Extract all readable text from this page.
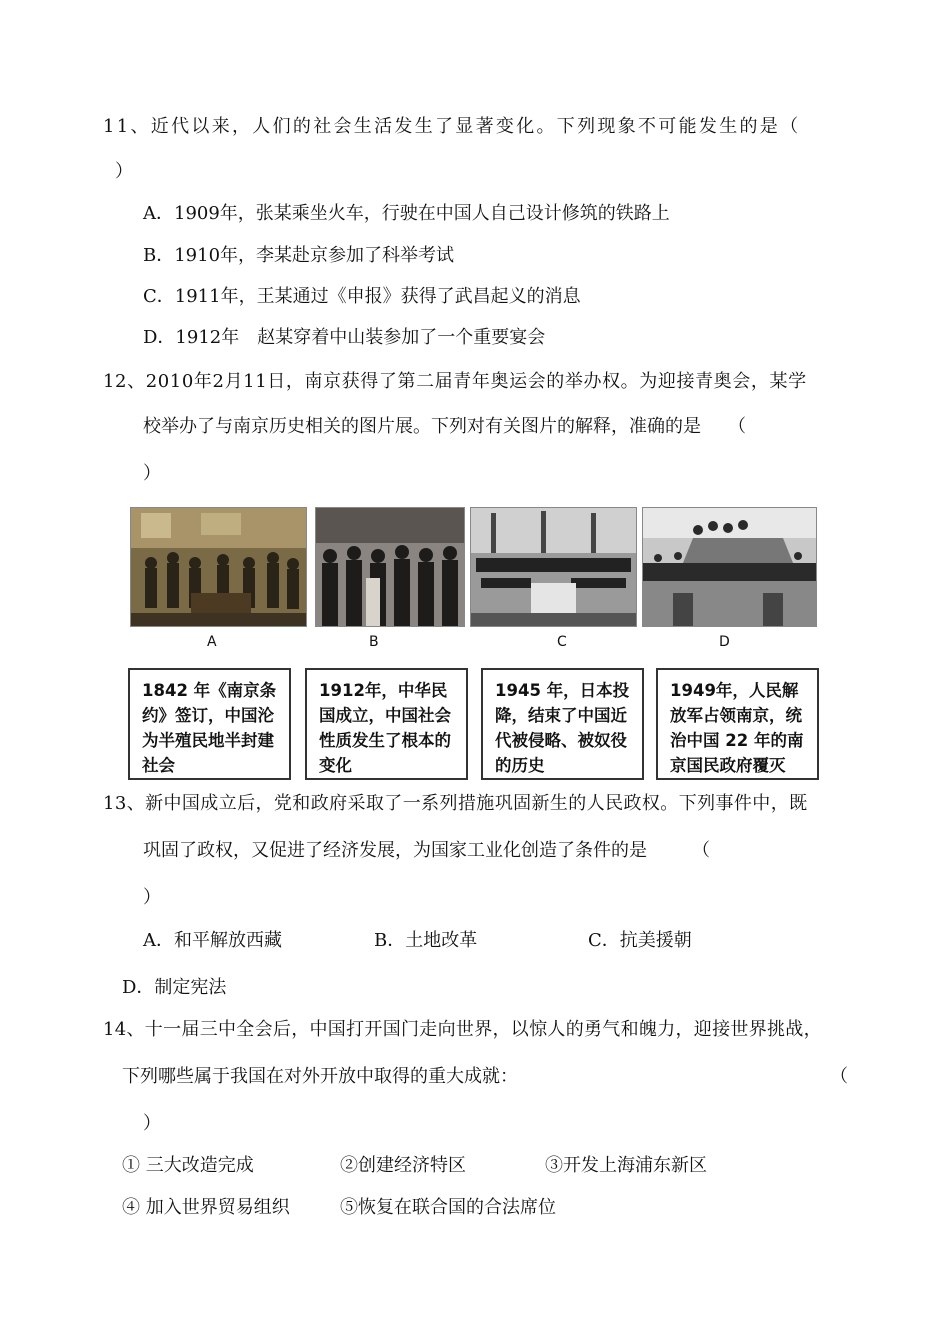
11、近代以来，人们的社会生活发生了显著变化。下列现象不可能发生的是（
）
A．1909年，张某乘坐火车，行驶在中国人自己设计修筑的铁路上
B．1910年，李某赴京参加了科举考试
C．1911年，王某通过《申报》获得了武昌起义的消息
D．1912年　赵某穿着中山装参加了一个重要宴会
12、2010年2月11日，南京获得了第二届青年奥运会的举办权。为迎接青奥会，某学
校举办了与南京历史相关的图片展。下列对有关图片的解释，准确的是　　（
）
A	B	C	D
1842 年《南京条约》签订，中国沦为半殖民地半封建社会
1912年，中华民国成立，中国社会性质发生了根本的变化
1945 年，日本投降，结束了中国近代被侵略、被奴役的历史
1949年，人民解放军占领南京，统治中国 22 年的南京国民政府覆灭
13、新中国成立后，党和政府采取了一系列措施巩固新生的人民政权。下列事件中，既
巩固了政权，又促进了经济发展，为国家工业化创造了条件的是　　　（
）
A．和平解放西藏	B．土地改革	C．抗美援朝
D．制定宪法
14、十一届三中全会后，中国打开国门走向世界，以惊人的勇气和魄力，迎接世界挑战，
下列哪些属于我国在对外开放中取得的重大成就：	（
）
① 三大改造完成	②创建经济特区	③开发上海浦东新区
④ 加入世界贸易组织	⑤恢复在联合国的合法席位
